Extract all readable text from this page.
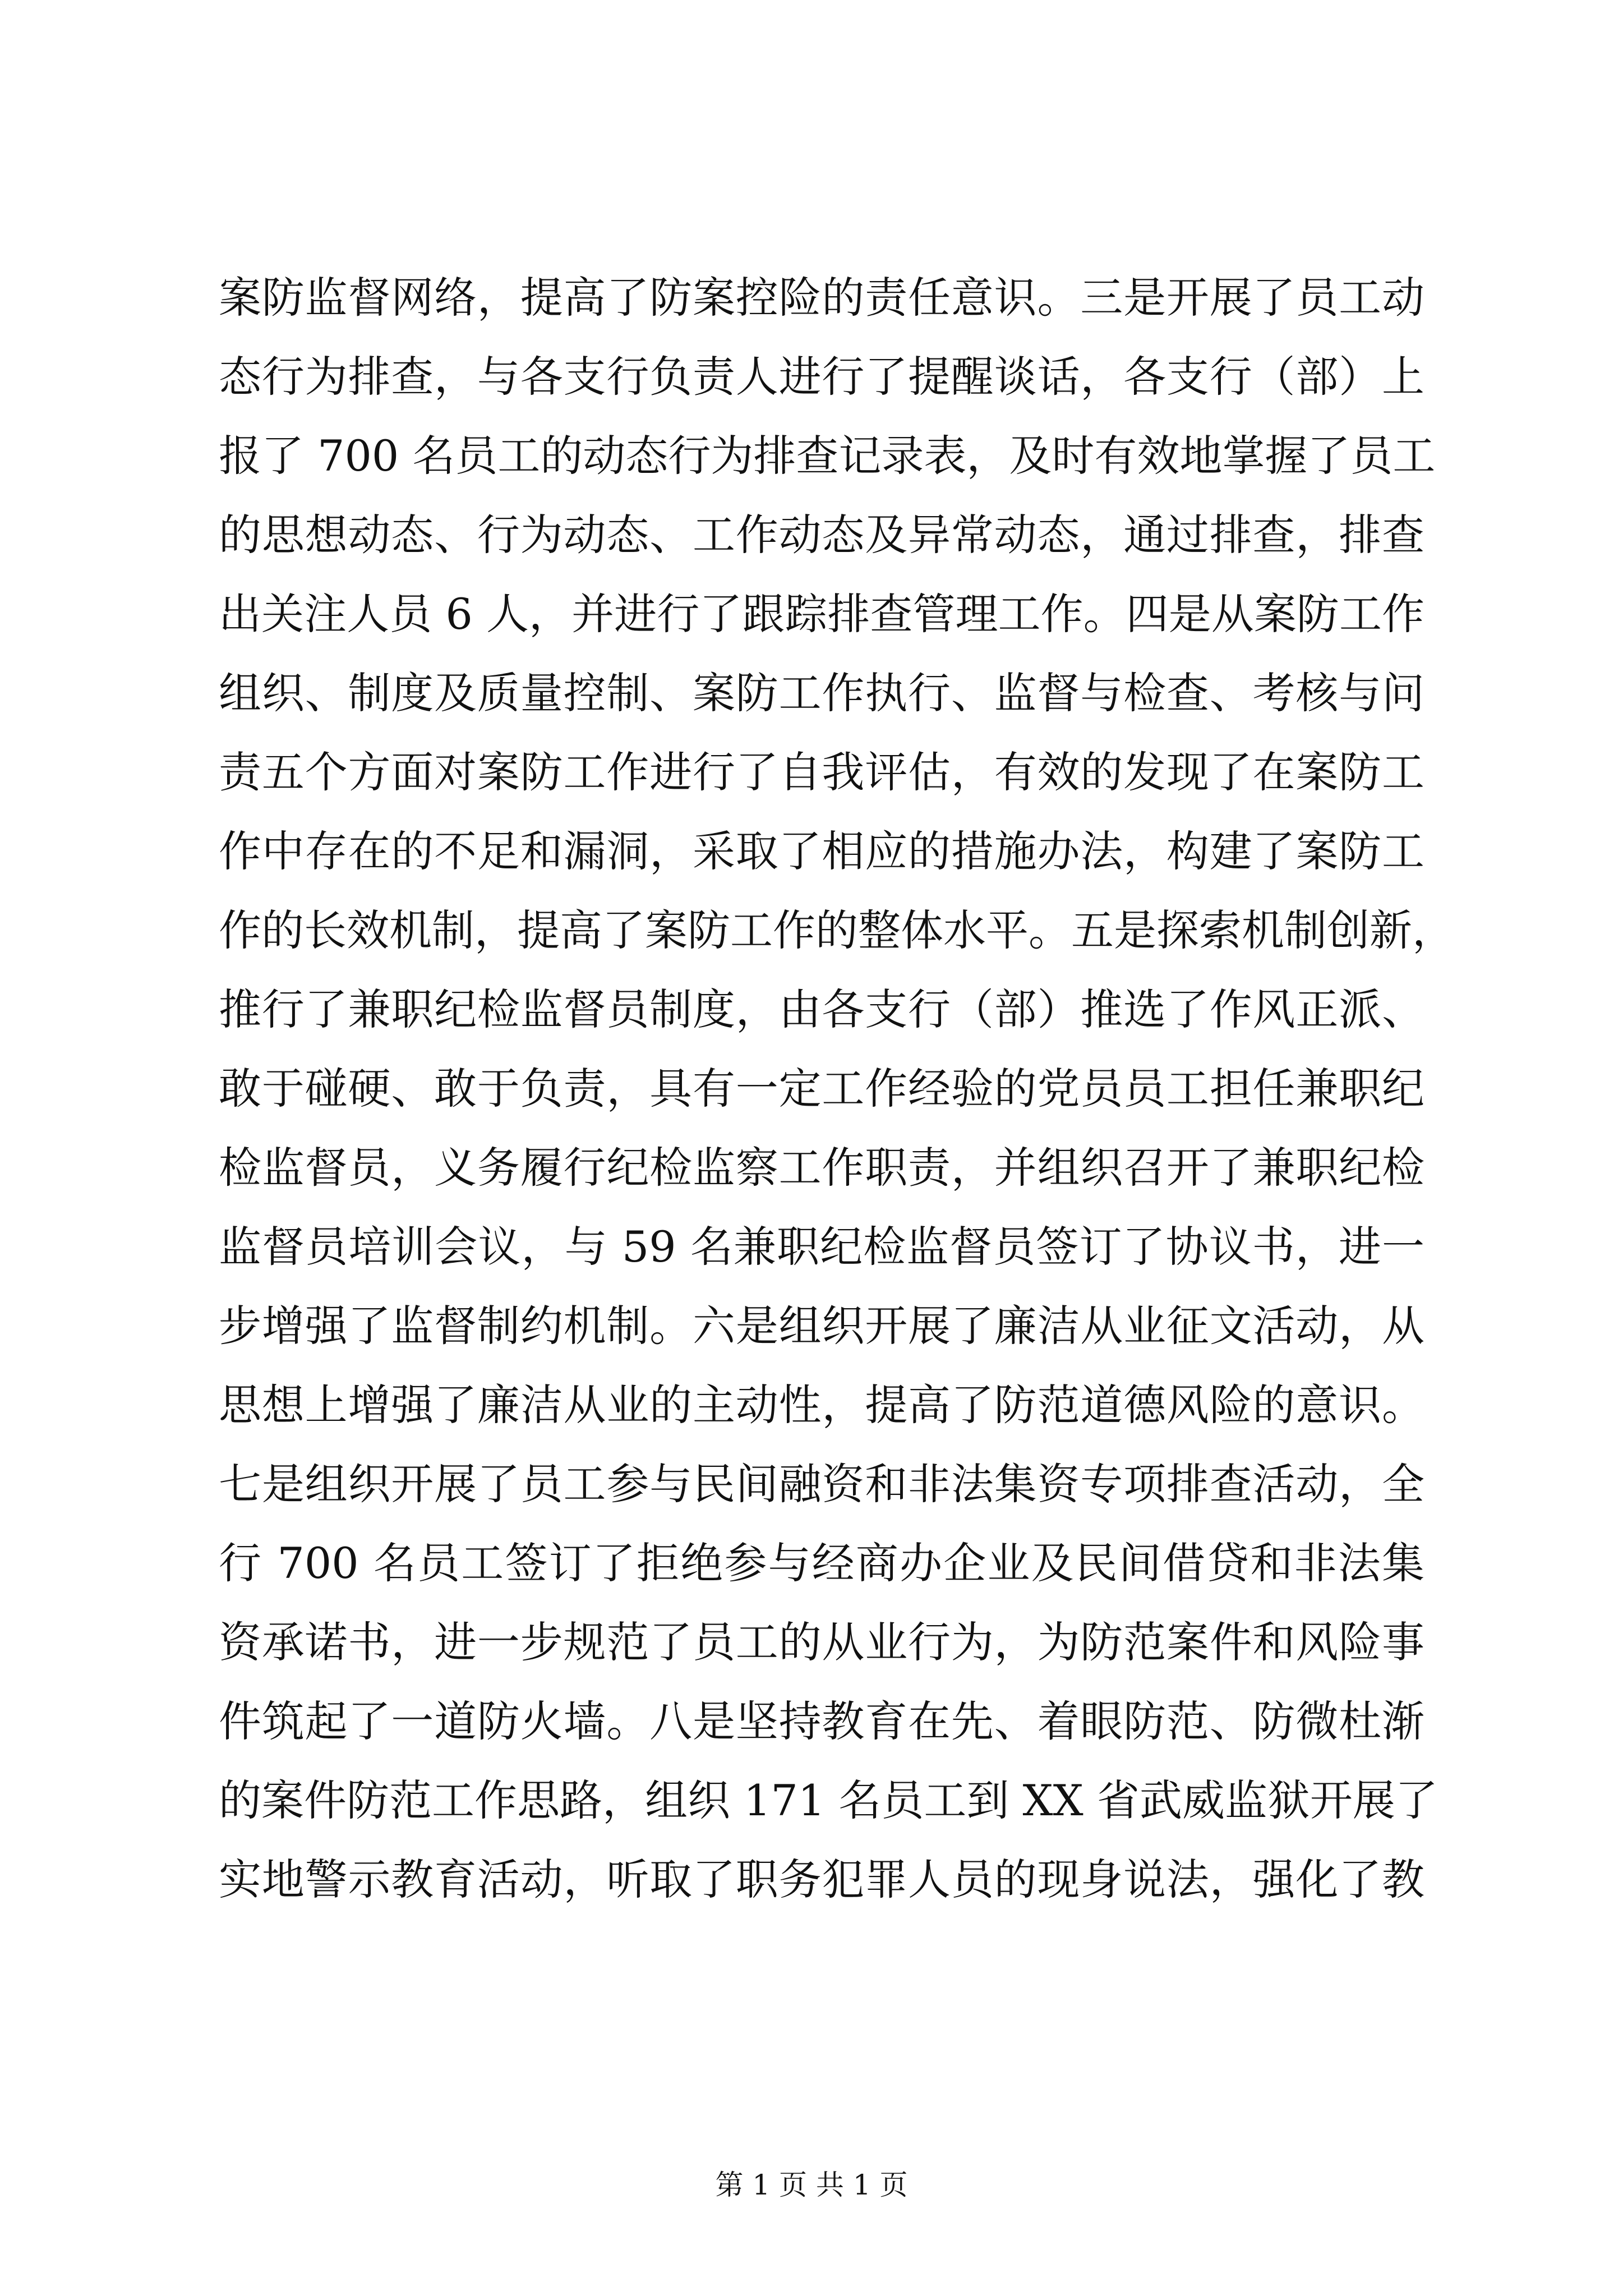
案防监督网络，提高了防案控险的责任意识。三是开展了员工动
态行为排查，与各支行负责人进行了提醒谈话，各支行（部）上
报了 700 名员工的动态行为排查记录表，及时有效地掌握了员工
的思想动态、行为动态、工作动态及异常动态，通过排查，排查
出关注人员 6 人，并进行了跟踪排查管理工作。四是从案防工作
组织、制度及质量控制、案防工作执行、监督与检查、考核与问
责五个方面对案防工作进行了自我评估，有效的发现了在案防工
作中存在的不足和漏洞，采取了相应的措施办法，构建了案防工
作的长效机制，提高了案防工作的整体水平。五是探索机制创新，
推行了兼职纪检监督员制度，由各支行（部）推选了作风正派、
敢于碰硬、敢于负责，具有一定工作经验的党员员工担任兼职纪
检监督员，义务履行纪检监察工作职责，并组织召开了兼职纪检
监督员培训会议，与 59 名兼职纪检监督员签订了协议书，进一
步增强了监督制约机制。六是组织开展了廉洁从业征文活动，从
思想上增强了廉洁从业的主动性，提高了防范道德风险的意识。
七是组织开展了员工参与民间融资和非法集资专项排查活动，全
行 700 名员工签订了拒绝参与经商办企业及民间借贷和非法集
资承诺书，进一步规范了员工的从业行为，为防范案件和风险事
件筑起了一道防火墙。八是坚持教育在先、着眼防范、防微杜渐
的案件防范工作思路，组织 171 名员工到 XX 省武威监狱开展了
实地警示教育活动，听取了职务犯罪人员的现身说法，强化了教
第 1 页 共 1 页
